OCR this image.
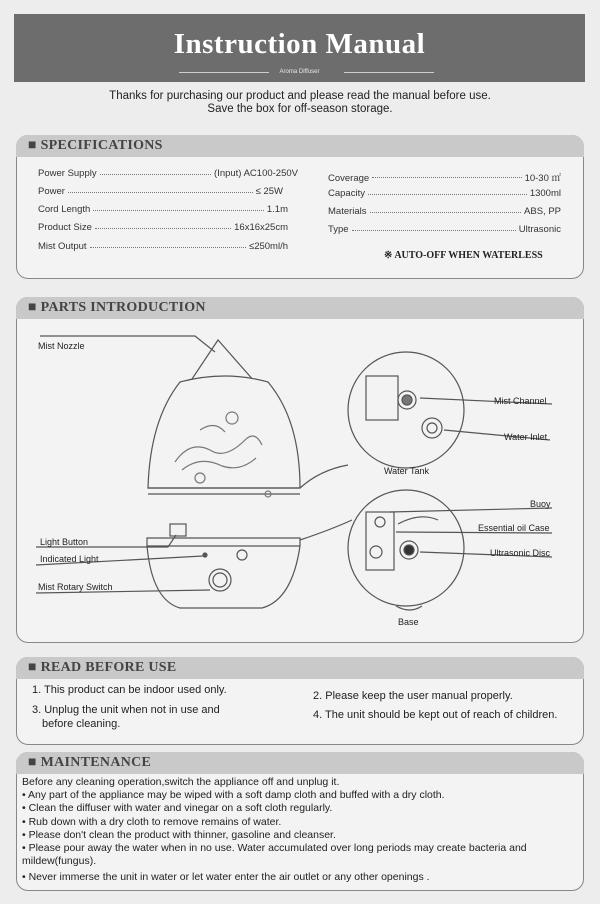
Instruction Manual
Aroma Diffuser
Thanks for purchasing our product and please read the manual before use.
Save the box for off-season storage.
■ SPECIFICATIONS
Power Supply	(Input) AC100-250V
Power	≤ 25W
Cord Length	1.1m
Product Size	16x16x25cm
Mist Output	≤250ml/h
Coverage	10-30 ㎡
Capacity	1300ml
Materials	ABS, PP
Type	Ultrasonic
※ AUTO-OFF WHEN WATERLESS
■ PARTS INTRODUCTION
Mist Nozzle
Mist Channel
Water Inlet
Water Tank
Buoy
Essential oil Case
Ultrasonic Disc
Light Button
Indicated Light
Mist Rotary Switch
Base
■ READ BEFORE USE
1. This product can be indoor used only.	2. Please keep the user manual properly.
3. Unplug the unit when not in use and
before cleaning.
4. The unit should be kept out of reach of children.
■ MAINTENANCE
Before any cleaning operation,switch the appliance off and unplug it.
• Any part of the appliance may be wiped with a soft damp cloth and buffed with a dry cloth.
• Clean the diffuser with water and vinegar on a soft cloth regularly.
• Rub down with a dry cloth to remove remains of water.
• Please don't clean the product with thinner, gasoline and cleanser.
• Please pour away the water when in no use. Water accumulated over long periods may create bacteria and
mildew(fungus).
• Never immerse the unit in water or let water enter the air outlet or any other openings .
